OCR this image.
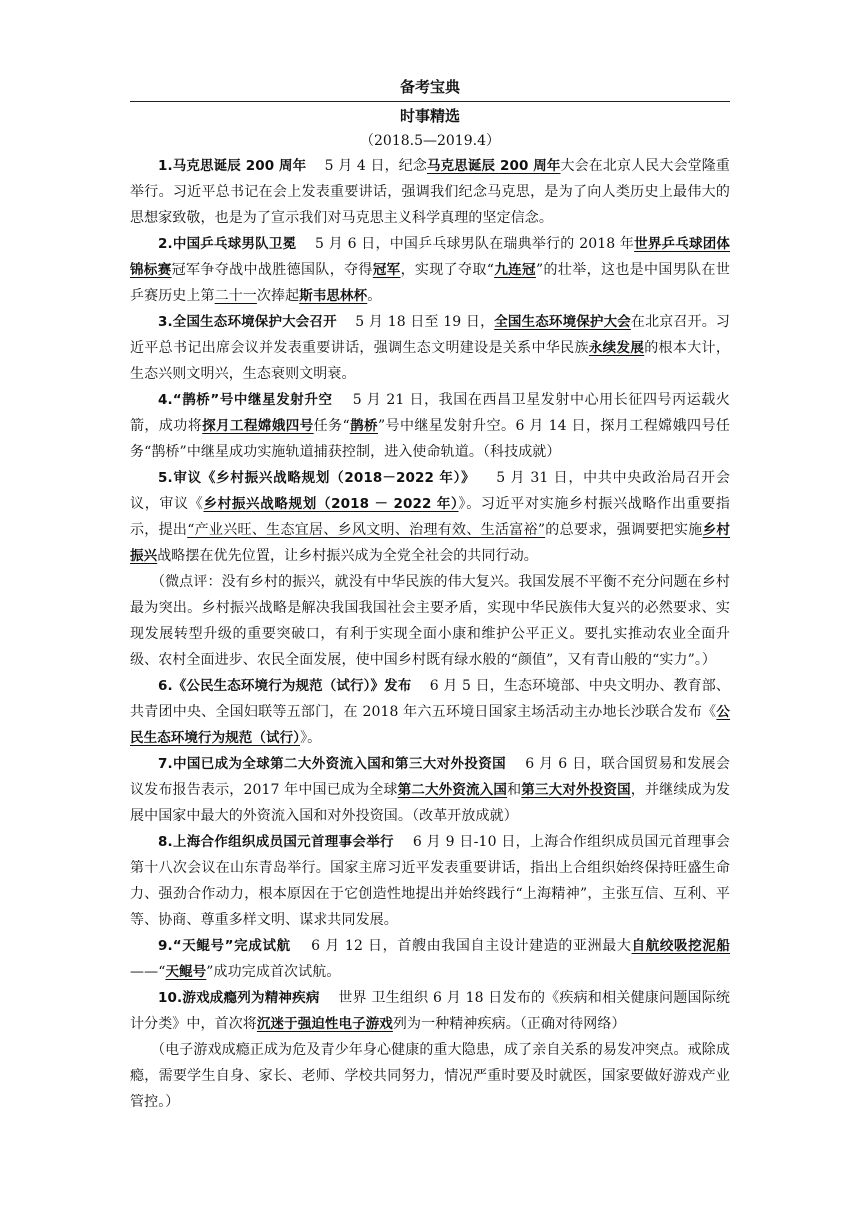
备考宝典
时事精选
（2018.5—2019.4）

1.马克思诞辰 200 周年 5 月 4 日，纪念马克思诞辰 200 周年大会在北京人民大会堂隆重举行。习近平总书记在会上发表重要讲话，强调我们纪念马克思，是为了向人类历史上最伟大的思想家致敬，也是为了宣示我们对马克思主义科学真理的坚定信念。

2.中国乒乓球男队卫冕 5 月 6 日，中国乒乓球男队在瑞典举行的 2018 年世界乒乓球团体锦标赛冠军争夺战中战胜德国队，夺得冠军，实现了夺取“九连冠”的壮举，这也是中国男队在世乒赛历史上第二十一次捧起斯韦思林杯。

3.全国生态环境保护大会召开 5 月 18 日至 19 日，全国生态环境保护大会在北京召开。习近平总书记出席会议并发表重要讲话，强调生态文明建设是关系中华民族永续发展的根本大计，生态兴则文明兴，生态衰则文明衰。

4.“鹊桥”号中继星发射升空 5 月 21 日，我国在西昌卫星发射中心用长征四号丙运载火箭，成功将探月工程嫦娥四号任务“鹊桥”号中继星发射升空。6 月 14 日，探月工程嫦娥四号任务“鹊桥”中继星成功实施轨道捕获控制，进入使命轨道。（科技成就）

5.审议《乡村振兴战略规划（2018－2022 年）》 5 月 31 日，中共中央政治局召开会议，审议《乡村振兴战略规划（2018 － 2022 年）》。习近平对实施乡村振兴战略作出重要指示，提出“产业兴旺、生态宜居、乡风文明、治理有效、生活富裕”的总要求，强调要把实施乡村振兴战略摆在优先位置，让乡村振兴成为全党全社会的共同行动。

（微点评：没有乡村的振兴，就没有中华民族的伟大复兴。我国发展不平衡不充分问题在乡村最为突出。乡村振兴战略是解决我国我国社会主要矛盾，实现中华民族伟大复兴的必然要求、实现发展转型升级的重要突破口，有利于实现全面小康和维护公平正义。要扎实推动农业全面升级、农村全面进步、农民全面发展，使中国乡村既有绿水般的“颜值”，又有青山般的“实力”。）

6.《公民生态环境行为规范（试行）》发布 6 月 5 日，生态环境部、中央文明办、教育部、共青团中央、全国妇联等五部门，在 2018 年六五环境日国家主场活动主办地长沙联合发布《公民生态环境行为规范（试行）》。

7.中国已成为全球第二大外资流入国和第三大对外投资国 6 月 6 日，联合国贸易和发展会议发布报告表示，2017 年中国已成为全球第二大外资流入国和第三大对外投资国，并继续成为发展中国家中最大的外资流入国和对外投资国。（改革开放成就）

8.上海合作组织成员国元首理事会举行 6 月 9 日-10 日，上海合作组织成员国元首理事会第十八次会议在山东青岛举行。国家主席习近平发表重要讲话，指出上合组织始终保持旺盛生命力、强劲合作动力，根本原因在于它创造性地提出并始终践行“上海精神”，主张互信、互利、平等、协商、尊重多样文明、谋求共同发展。

9.“天鲲号”完成试航 6 月 12 日，首艘由我国自主设计建造的亚洲最大自航绞吸挖泥船——“天鲲号”成功完成首次试航。

10.游戏成瘾列为精神疾病 世界 卫生组织 6 月 18 日发布的《疾病和相关健康问题国际统计分类》中，首次将沉迷于强迫性电子游戏列为一种精神疾病。（正确对待网络）

（电子游戏成瘾正成为危及青少年身心健康的重大隐患，成了亲自关系的易发冲突点。戒除成瘾，需要学生自身、家长、老师、学校共同努力，情况严重时要及时就医，国家要做好游戏产业管控。）
